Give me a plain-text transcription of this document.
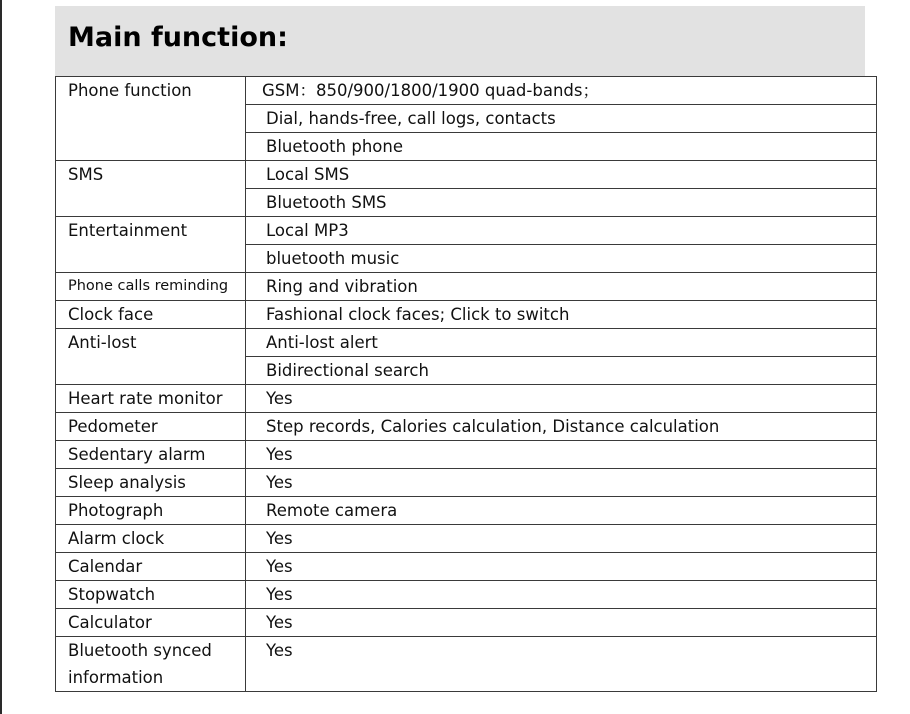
Main function:
Phone function	GSM：850/900/1800/1900 quad-bands；
	Dial, hands-free, call logs, contacts
	Bluetooth phone
SMS	Local SMS
	Bluetooth SMS
Entertainment	Local MP3
	bluetooth music
Phone calls reminding	Ring and vibration
Clock face	Fashional clock faces; Click to switch
Anti-lost	Anti-lost alert
	Bidirectional search
Heart rate monitor	Yes
Pedometer	Step records, Calories calculation, Distance calculation
Sedentary alarm	Yes
Sleep analysis	Yes
Photograph	Remote camera
Alarm clock	Yes
Calendar	Yes
Stopwatch	Yes
Calculator	Yes
Bluetooth synced information	Yes
